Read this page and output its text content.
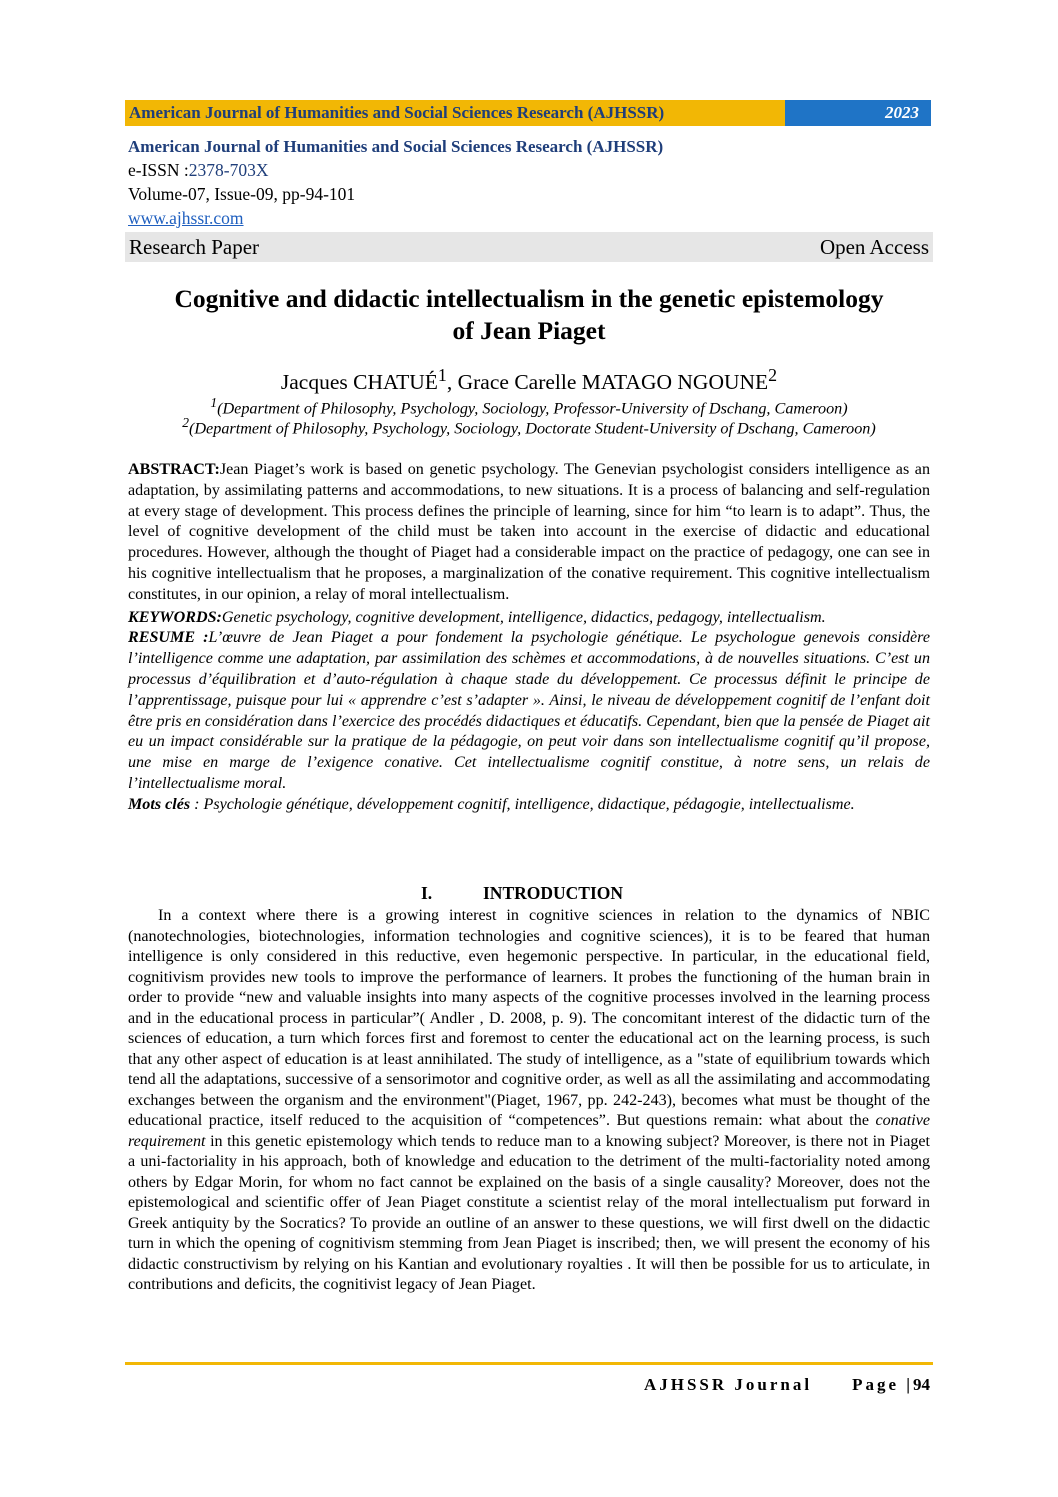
American Journal of Humanities and Social Sciences Research (AJHSSR)	2023
American Journal of Humanities and Social Sciences Research (AJHSSR)
e-ISSN :2378-703X
Volume-07, Issue-09, pp-94-101
www.ajhssr.com
Research Paper	Open Access
Cognitive and didactic intellectualism in the genetic epistemology
of Jean Piaget
Jacques CHATUÉ$^1$, Grace Carelle MATAGO NGOUNE$^2$
$^1$(Department of Philosophy, Psychology, Sociology, Professor-University of Dschang, Cameroon)
$^2$(Department of Philosophy, Psychology, Sociology, Doctorate Student-University of Dschang, Cameroon)
ABSTRACT:Jean Piaget’s work is based on genetic psychology. The Genevian psychologist considers intelligence as an adaptation, by assimilating patterns and accommodations, to new situations. It is a process of balancing and self-regulation at every stage of development. This process defines the principle of learning, since for him “to learn is to adapt”. Thus, the level of cognitive development of the child must be taken into account in the exercise of didactic and educational procedures. However, although the thought of Piaget had a considerable impact on the practice of pedagogy, one can see in his cognitive intellectualism that he proposes, a marginalization of the conative requirement. This cognitive intellectualism constitutes, in our opinion, a relay of moral intellectualism.
KEYWORDS:Genetic psychology, cognitive development, intelligence, didactics, pedagogy, intellectualism.
RESUME :L’œuvre de Jean Piaget a pour fondement la psychologie génétique. Le psychologue genevois considère l’intelligence comme une adaptation, par assimilation des schèmes et accommodations, à de nouvelles situations. C’est un processus d’équilibration et d’auto-régulation à chaque stade du développement. Ce processus définit le principe de l’apprentissage, puisque pour lui « apprendre c’est s’adapter ». Ainsi, le niveau de développement cognitif de l’enfant doit être pris en considération dans l’exercice des procédés didactiques et éducatifs. Cependant, bien que la pensée de Piaget ait eu un impact considérable sur la pratique de la pédagogie, on peut voir dans son intellectualisme cognitif qu’il propose, une mise en marge de l’exigence conative. Cet intellectualisme cognitif constitue, à notre sens, un relais de l’intellectualisme moral.
Mots clés : Psychologie génétique, développement cognitif, intelligence, didactique, pédagogie, intellectualisme.
I.	INTRODUCTION

In a context where there is a growing interest in cognitive sciences in relation to the dynamics of NBIC (nanotechnologies, biotechnologies, information technologies and cognitive sciences), it is to be feared that human intelligence is only considered in this reductive, even hegemonic perspective. In particular, in the educational field, cognitivism provides new tools to improve the performance of learners. It probes the functioning of the human brain in order to provide “new and valuable insights into many aspects of the cognitive processes involved in the learning process and in the educational process in particular”( Andler , D. 2008, p. 9). The concomitant interest of the didactic turn of the sciences of education, a turn which forces first and foremost to center the educational act on the learning process, is such that any other aspect of education is at least annihilated. The study of intelligence, as a "state of equilibrium towards which tend all the adaptations, successive of a sensorimotor and cognitive order, as well as all the assimilating and accommodating exchanges between the organism and the environment"(Piaget, 1967, pp. 242-243), becomes what must be thought of the educational practice, itself reduced to the acquisition of “competences”. But questions remain: what about the conative requirement in this genetic epistemology which tends to reduce man to a knowing subject? Moreover, is there not in Piaget a uni-factoriality in his approach, both of knowledge and education to the detriment of the multi-factoriality noted among others by Edgar Morin, for whom no fact cannot be explained on the basis of a single causality? Moreover, does not the epistemological and scientific offer of Jean Piaget constitute a scientist relay of the moral intellectualism put forward in Greek antiquity by the Socratics? To provide an outline of an answer to these questions, we will first dwell on the didactic turn in which the opening of cognitivism stemming from Jean Piaget is inscribed; then, we will present the economy of his didactic constructivism by relying on his Kantian and evolutionary royalties . It will then be possible for us to articulate, in contributions and deficits, the cognitivist legacy of Jean Piaget.

AJHSSR Journal Page |94
